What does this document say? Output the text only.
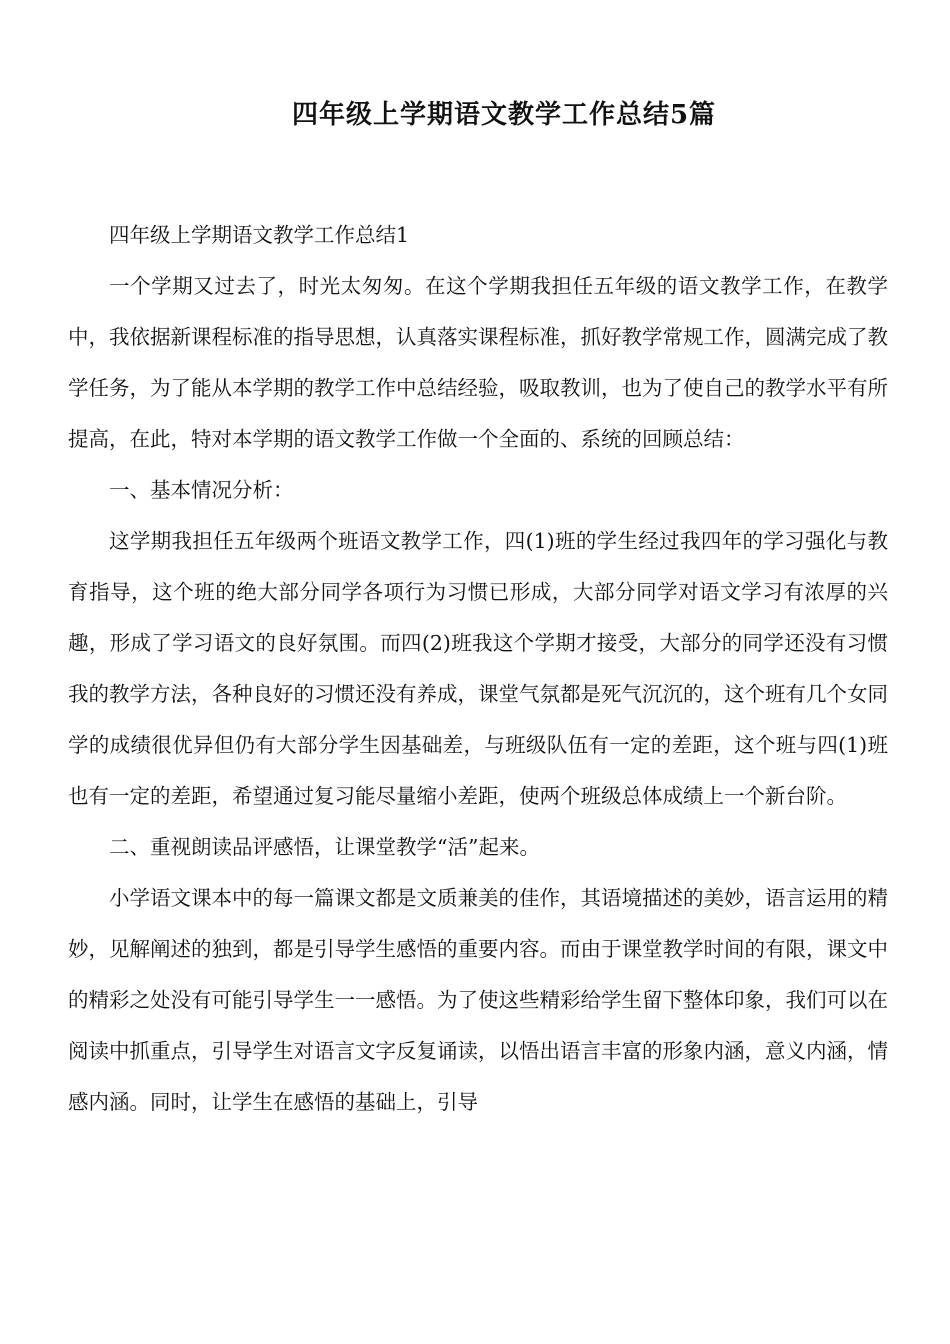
四年级上学期语文教学工作总结5篇

四年级上学期语文教学工作总结1

一个学期又过去了，时光太匆匆。在这个学期我担任五年级的语文教学工作，在教学中，我依据新课程标准的指导思想，认真落实课程标准，抓好教学常规工作，圆满完成了教学任务，为了能从本学期的教学工作中总结经验，吸取教训，也为了使自己的教学水平有所提高，在此，特对本学期的语文教学工作做一个全面的、系统的回顾总结：

一、基本情况分析：

这学期我担任五年级两个班语文教学工作，四(1)班的学生经过我四年的学习强化与教育指导，这个班的绝大部分同学各项行为习惯已形成，大部分同学对语文学习有浓厚的兴趣，形成了学习语文的良好氛围。而四(2)班我这个学期才接受，大部分的同学还没有习惯我的教学方法，各种良好的习惯还没有养成，课堂气氛都是死气沉沉的，这个班有几个女同学的成绩很优异但仍有大部分学生因基础差，与班级队伍有一定的差距，这个班与四(1)班也有一定的差距，希望通过复习能尽量缩小差距，使两个班级总体成绩上一个新台阶。

二、重视朗读品评感悟，让课堂教学“活”起来。

小学语文课本中的每一篇课文都是文质兼美的佳作，其语境描述的美妙，语言运用的精妙，见解阐述的独到，都是引导学生感悟的重要内容。而由于课堂教学时间的有限，课文中的精彩之处没有可能引导学生一一感悟。为了使这些精彩给学生留下整体印象，我们可以在阅读中抓重点，引导学生对语言文字反复诵读，以悟出语言丰富的形象内涵，意义内涵，情感内涵。同时，让学生在感悟的基础上，引导
